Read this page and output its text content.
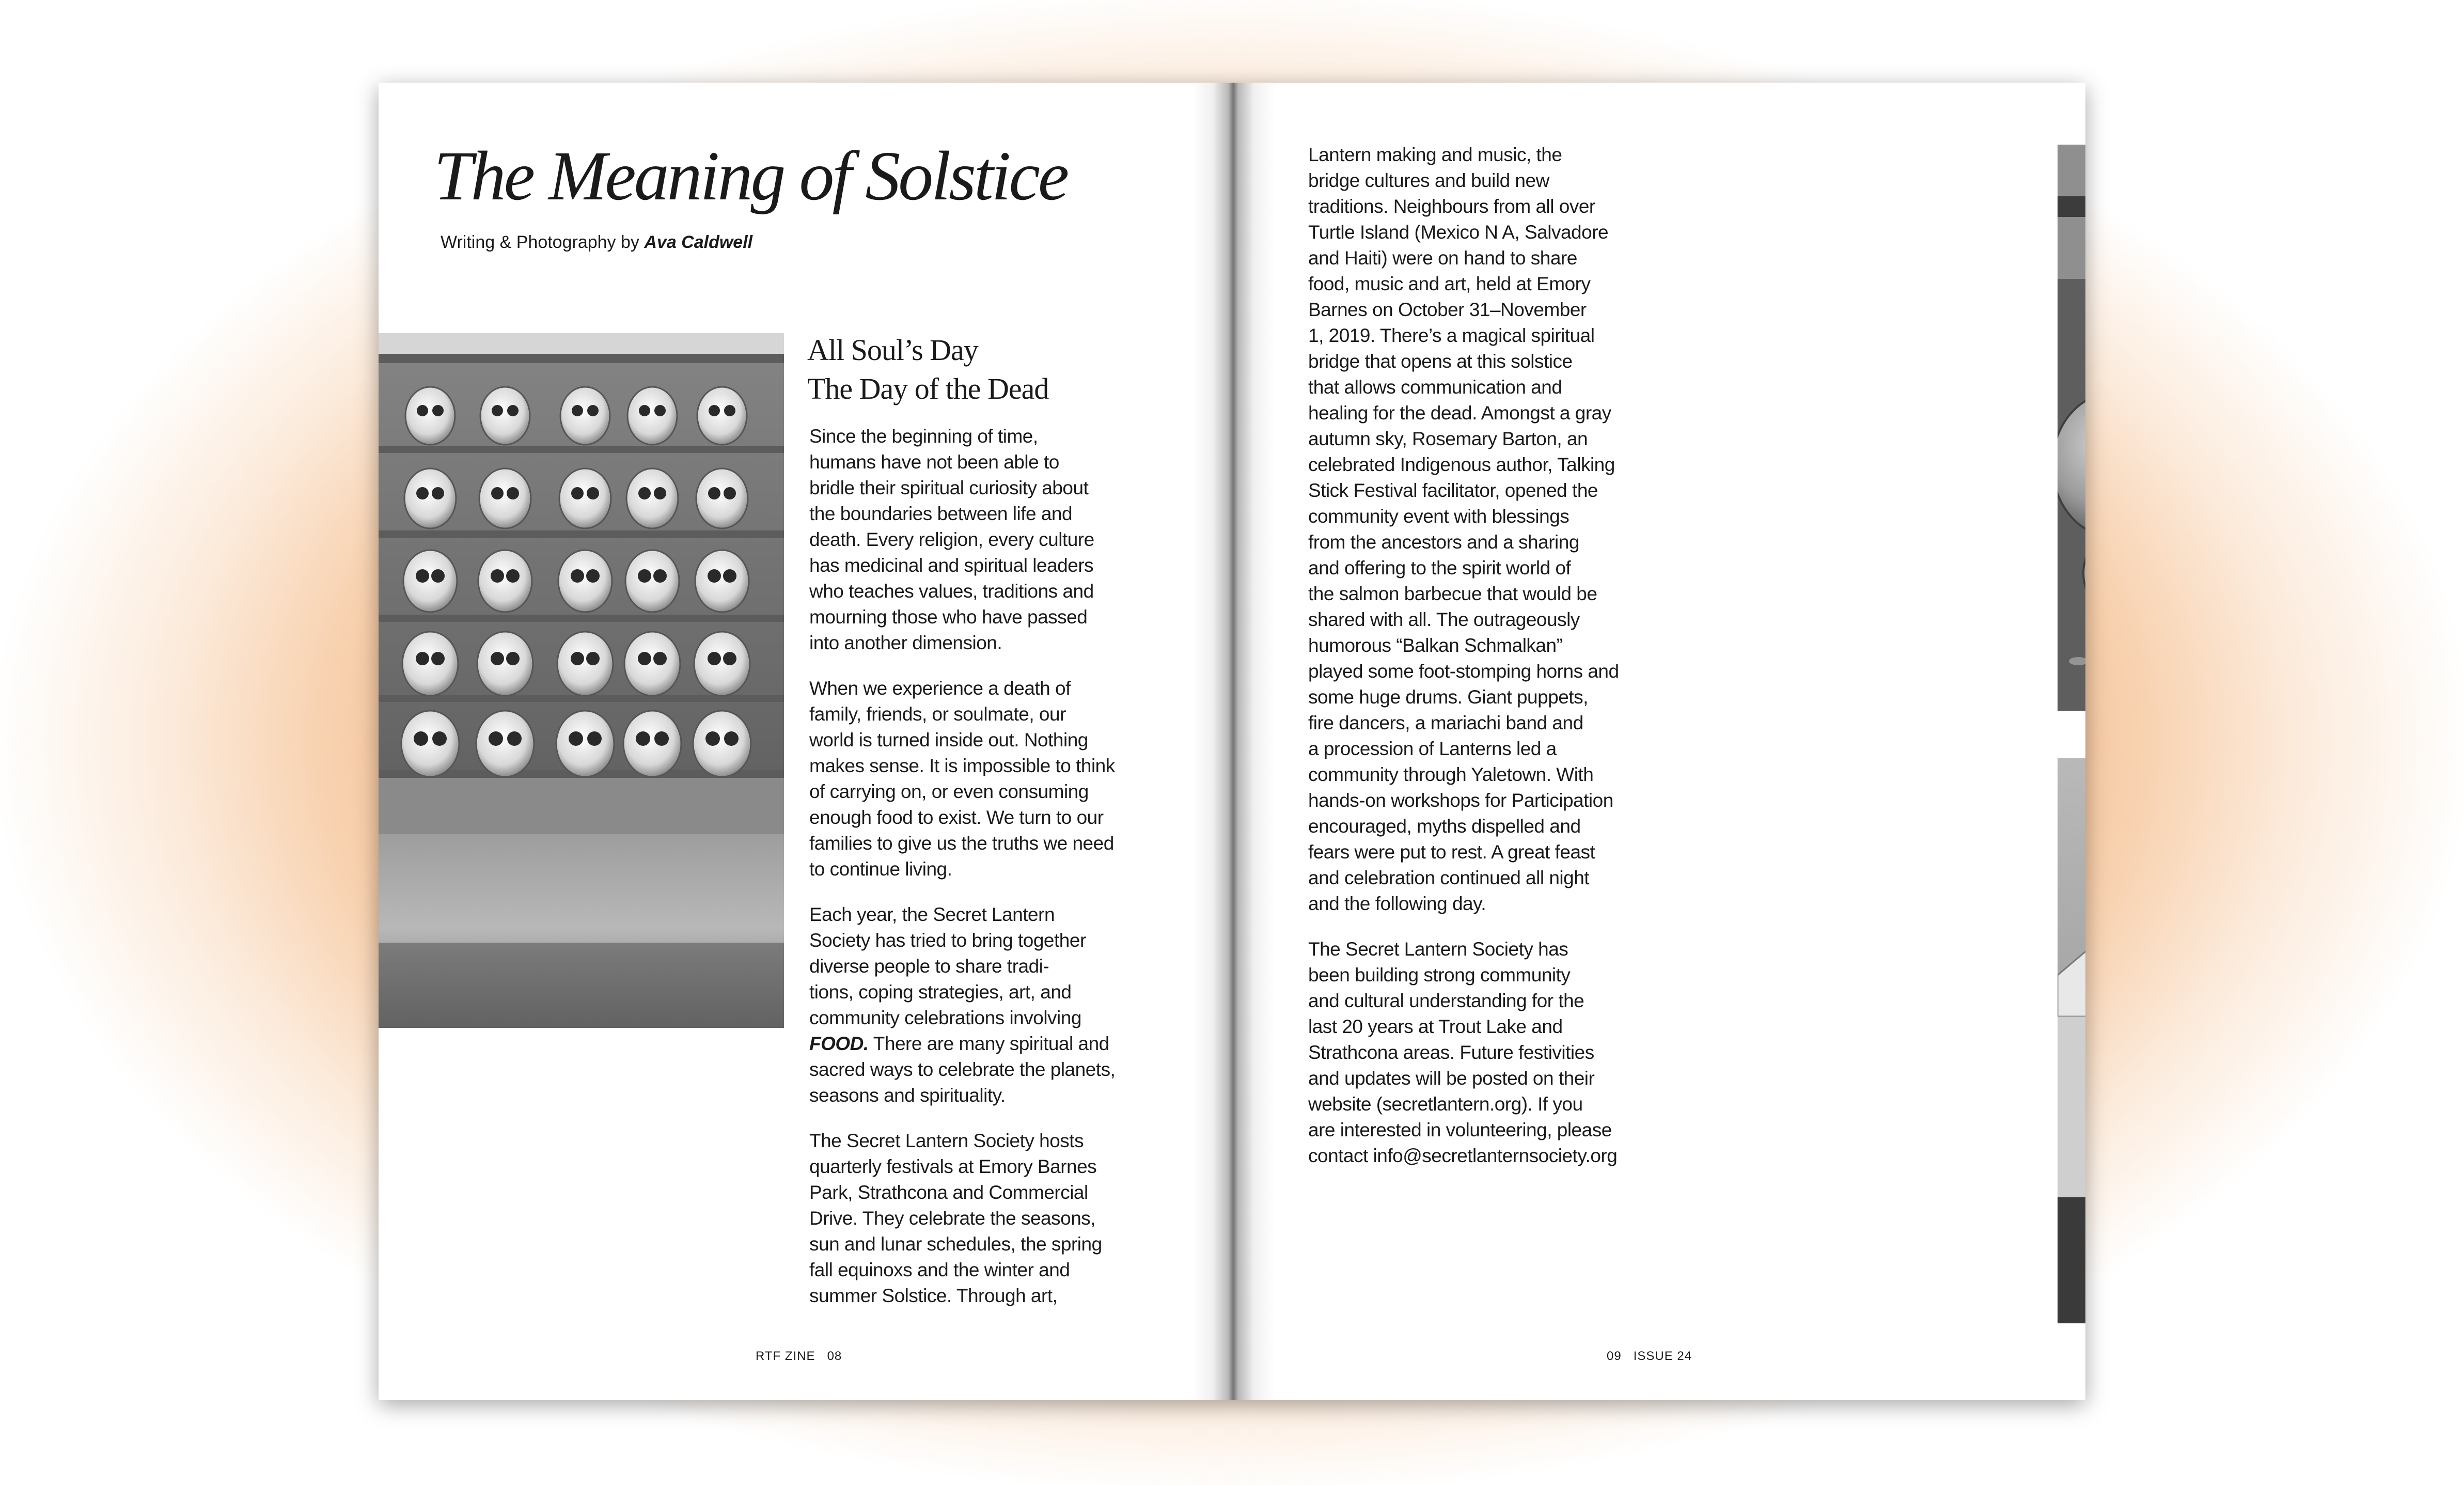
The Meaning of Solstice
Writing & Photography by Ava Caldwell
All Soul’s Day
The Day of the Dead

Since the beginning of time,
humans have not been able to
bridle their spiritual curiosity about
the boundaries between life and
death. Every religion, every culture
has medicinal and spiritual leaders
who teaches values, traditions and
mourning those who have passed
into another dimension.

When we experience a death of
family, friends, or soulmate, our
world is turned inside out. Nothing
makes sense. It is impossible to think
of carrying on, or even consuming
enough food to exist. We turn to our
families to give us the truths we need
to continue living.

Each year, the Secret Lantern
Society has tried to bring together
diverse people to share tradi-
tions, coping strategies, art, and
community celebrations involving
FOOD. There are many spiritual and
sacred ways to celebrate the planets,
seasons and spirituality.

The Secret Lantern Society hosts
quarterly festivals at Emory Barnes
Park, Strathcona and Commercial
Drive. They celebrate the seasons,
sun and lunar schedules, the spring
fall equinoxs and the winter and
summer Solstice. Through art,

RTF ZINE 08

Lantern making and music, the
bridge cultures and build new
traditions. Neighbours from all over
Turtle Island (Mexico N A, Salvadore
and Haiti) were on hand to share
food, music and art, held at Emory
Barnes on October 31–November
1, 2019. There’s a magical spiritual
bridge that opens at this solstice
that allows communication and
healing for the dead. Amongst a gray
autumn sky, Rosemary Barton, an
celebrated Indigenous author, Talking
Stick Festival facilitator, opened the
community event with blessings
from the ancestors and a sharing
and offering to the spirit world of
the salmon barbecue that would be
shared with all. The outrageously
humorous “Balkan Schmalkan”
played some foot-stomping horns and
some huge drums. Giant puppets,
fire dancers, a mariachi band and
a procession of Lanterns led a
community through Yaletown. With
hands-on workshops for Participation
encouraged, myths dispelled and
fears were put to rest. A great feast
and celebration continued all night
and the following day.

The Secret Lantern Society has
been building strong community
and cultural understanding for the
last 20 years at Trout Lake and
Strathcona areas. Future festivities
and updates will be posted on their
website (secretlantern.org). If you
are interested in volunteering, please
contact info@secretlanternsociety.org

09 ISSUE 24
